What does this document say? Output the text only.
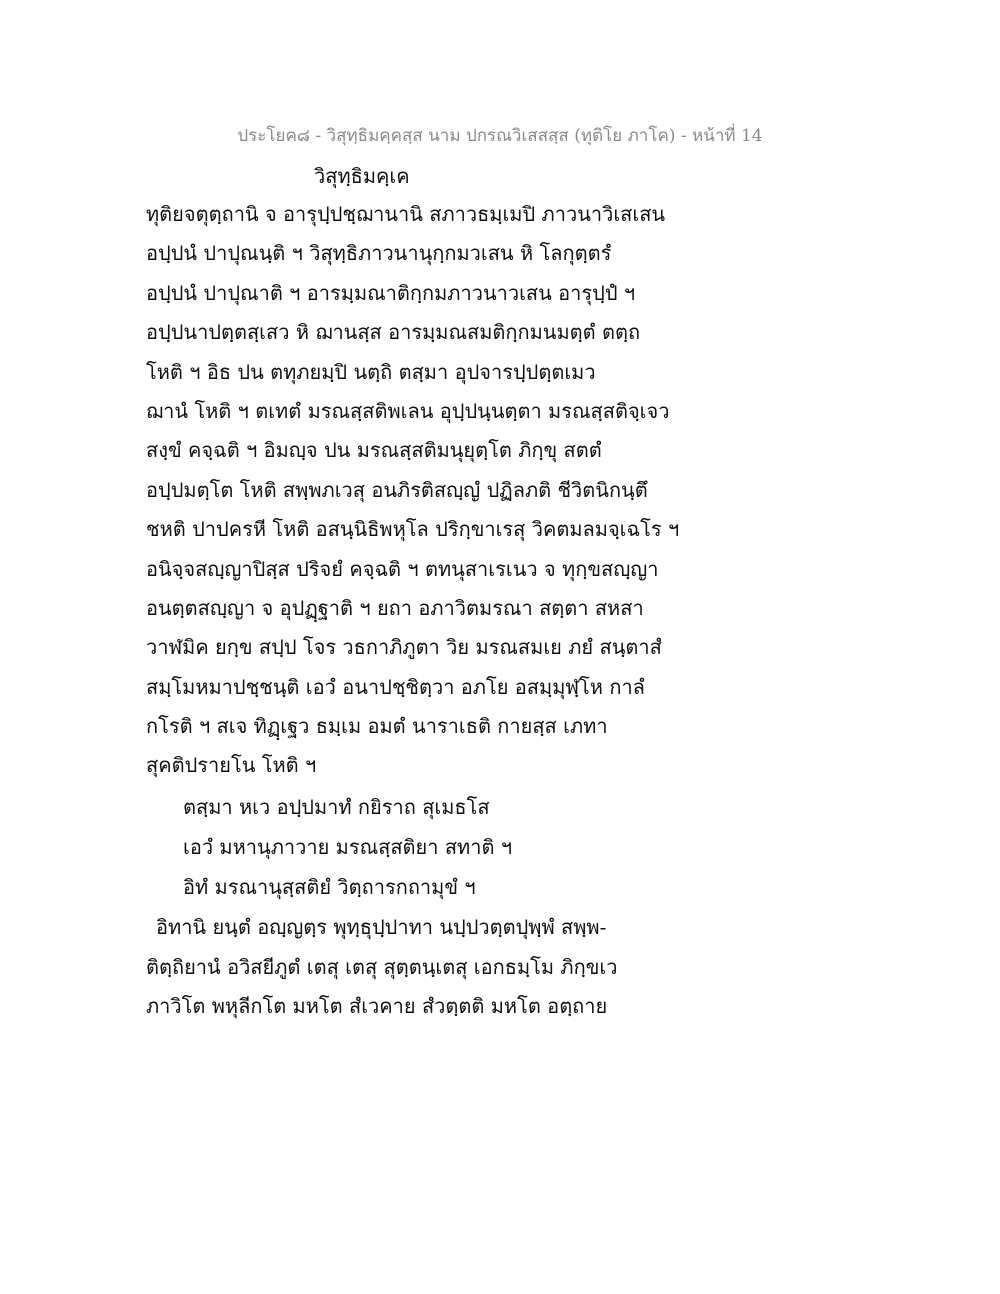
ประโยค๘ - วิสุทฺธิมคฺคสฺส นาม ปกรณวิเสสสฺส (ทุติโย ภาโค) - หน้าที่ 14
วิสุทฺธิมคฺเค
ทุติยจตุตฺถานิ จ อารุปฺปชฺฌานานิ สภาวธมฺเมปิ ภาวนาวิเสเสน
อปฺปนํ ปาปุณนฺติ ฯ วิสุทฺธิภาวนานุกฺกมวเสน หิ โลกุตฺตรํ
อปฺปนํ ปาปุณาติ ฯ อารมฺมณาติกฺกมภาวนาวเสน อารุปฺปํ ฯ
อปฺปนาปตฺตสฺเสว หิ ฌานสฺส อารมฺมณสมติกฺกมนมตฺตํ ตตฺถ
โหติ ฯ อิธ ปน ตทุภยมฺปิ นตฺถิ ตสฺมา อุปจารปฺปตฺตเมว
ฌานํ โหติ ฯ ตเทตํ มรณสฺสติพเลน อุปฺปนฺนตฺตา มรณสฺสติจฺเจว
สงฺขํ คจฺฉติ ฯ อิมญฺจ ปน มรณสฺสติมนุยุตฺโต ภิกฺขุ สตตํ
อปฺปมตฺโต โหติ สพฺพภเวสุ อนภิรติสญฺญํ ปฏิลภติ ชีวิตนิกนฺตึ
ชหติ ปาปครหี โหติ อสนฺนิธิพหุโล ปริกฺขาเรสุ วิคตมลมจฺเฉโร ฯ
อนิจฺจสญฺญาปิสฺส ปริจยํ คจฺฉติ ฯ ตทนุสาเรเนว จ ทุกฺขสญฺญา
อนตฺตสญฺญา จ อุปฏฺฐาติ ฯ ยถา อภาวิตมรณา สตฺตา สหสา
วาฬมิค ยกฺข สปฺป โจร วธกาภิภูตา วิย มรณสมเย ภยํ สนฺตาสํ
สมฺโมหมาปชฺชนฺติ เอวํ อนาปชฺชิตฺวา อภโย อสมฺมุฬฺโห กาลํ
กโรติ ฯ สเจ ทิฏฺเฐว ธมฺเม อมตํ นาราเธติ กายสฺส เภทา
สุคติปรายโน โหติ ฯ
ตสฺมา หเว อปฺปมาทํ กยิราถ สุเมธโส
เอวํ มหานุภาวาย มรณสฺสติยา สทาติ ฯ
อิทํ มรณานุสฺสติยํ วิตฺถารกถามุขํ ฯ
อิทานิ ยนฺตํ อญฺญตฺร พุทฺธุปฺปาทา นปฺปวตฺตปุพฺพํ สพฺพ-
ติตฺถิยานํ อวิสยีภูตํ เตสุ เตสุ สุตฺตนฺเตสุ เอกธมฺโม ภิกฺขเว
ภาวิโต พหุลีกโต มหโต สํเวคาย สํวตฺตติ มหโต อตฺถาย
